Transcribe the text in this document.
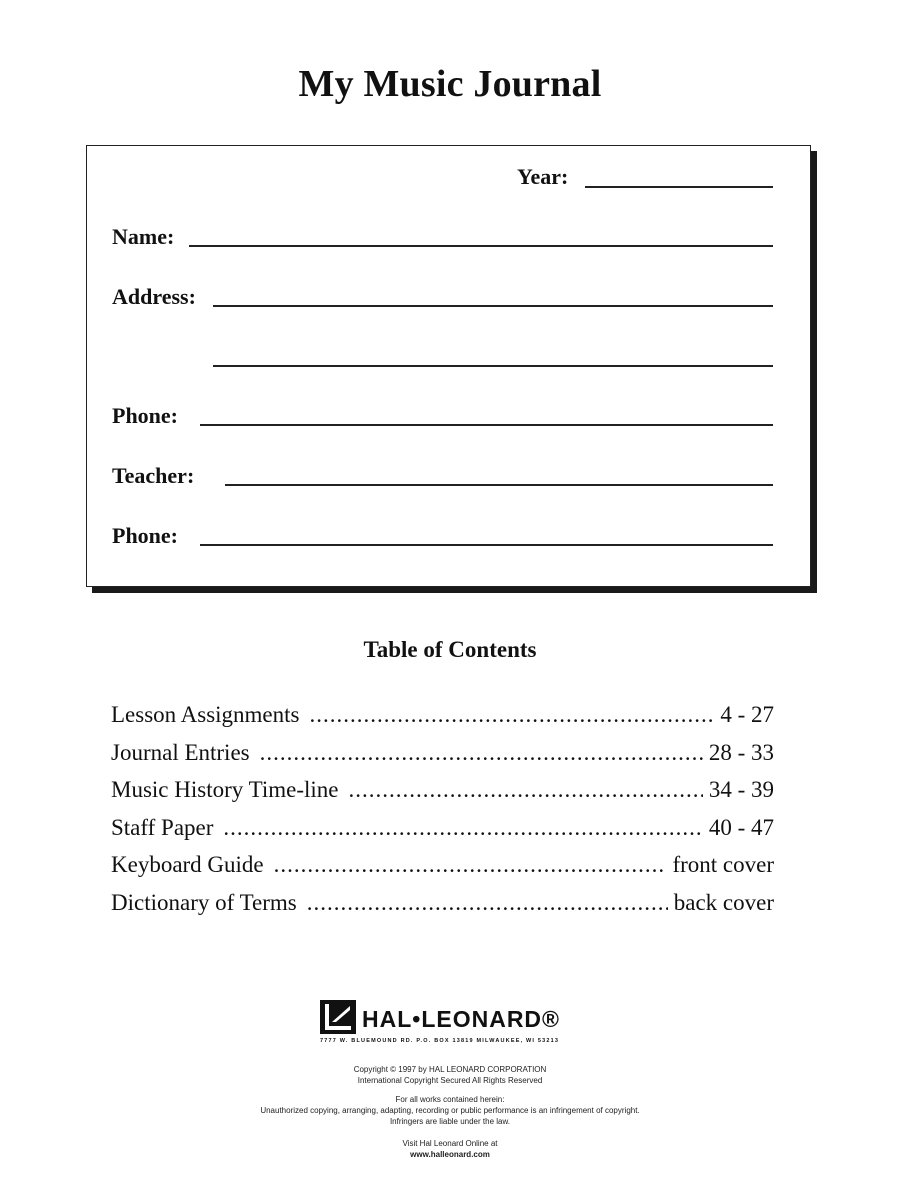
My Music Journal
Year:
Name:
Address:
Phone:
Teacher:
Phone:
Table of Contents
Lesson Assignments .....	4 - 27
Journal Entries .....	28 - 33
Music History Time-line .....	34 - 39
Staff Paper .....	40 - 47
Keyboard Guide .....	front cover
Dictionary of Terms .....	back cover
HAL•LEONARD®
7777 W. BLUEMOUND RD. P.O. BOX 13819 MILWAUKEE, WI 53213
Copyright © 1997 by HAL LEONARD CORPORATION
International Copyright Secured All Rights Reserved
For all works contained herein:
Unauthorized copying, arranging, adapting, recording or public performance is an infringement of copyright.
Infringers are liable under the law.
Visit Hal Leonard Online at
www.halleonard.com
